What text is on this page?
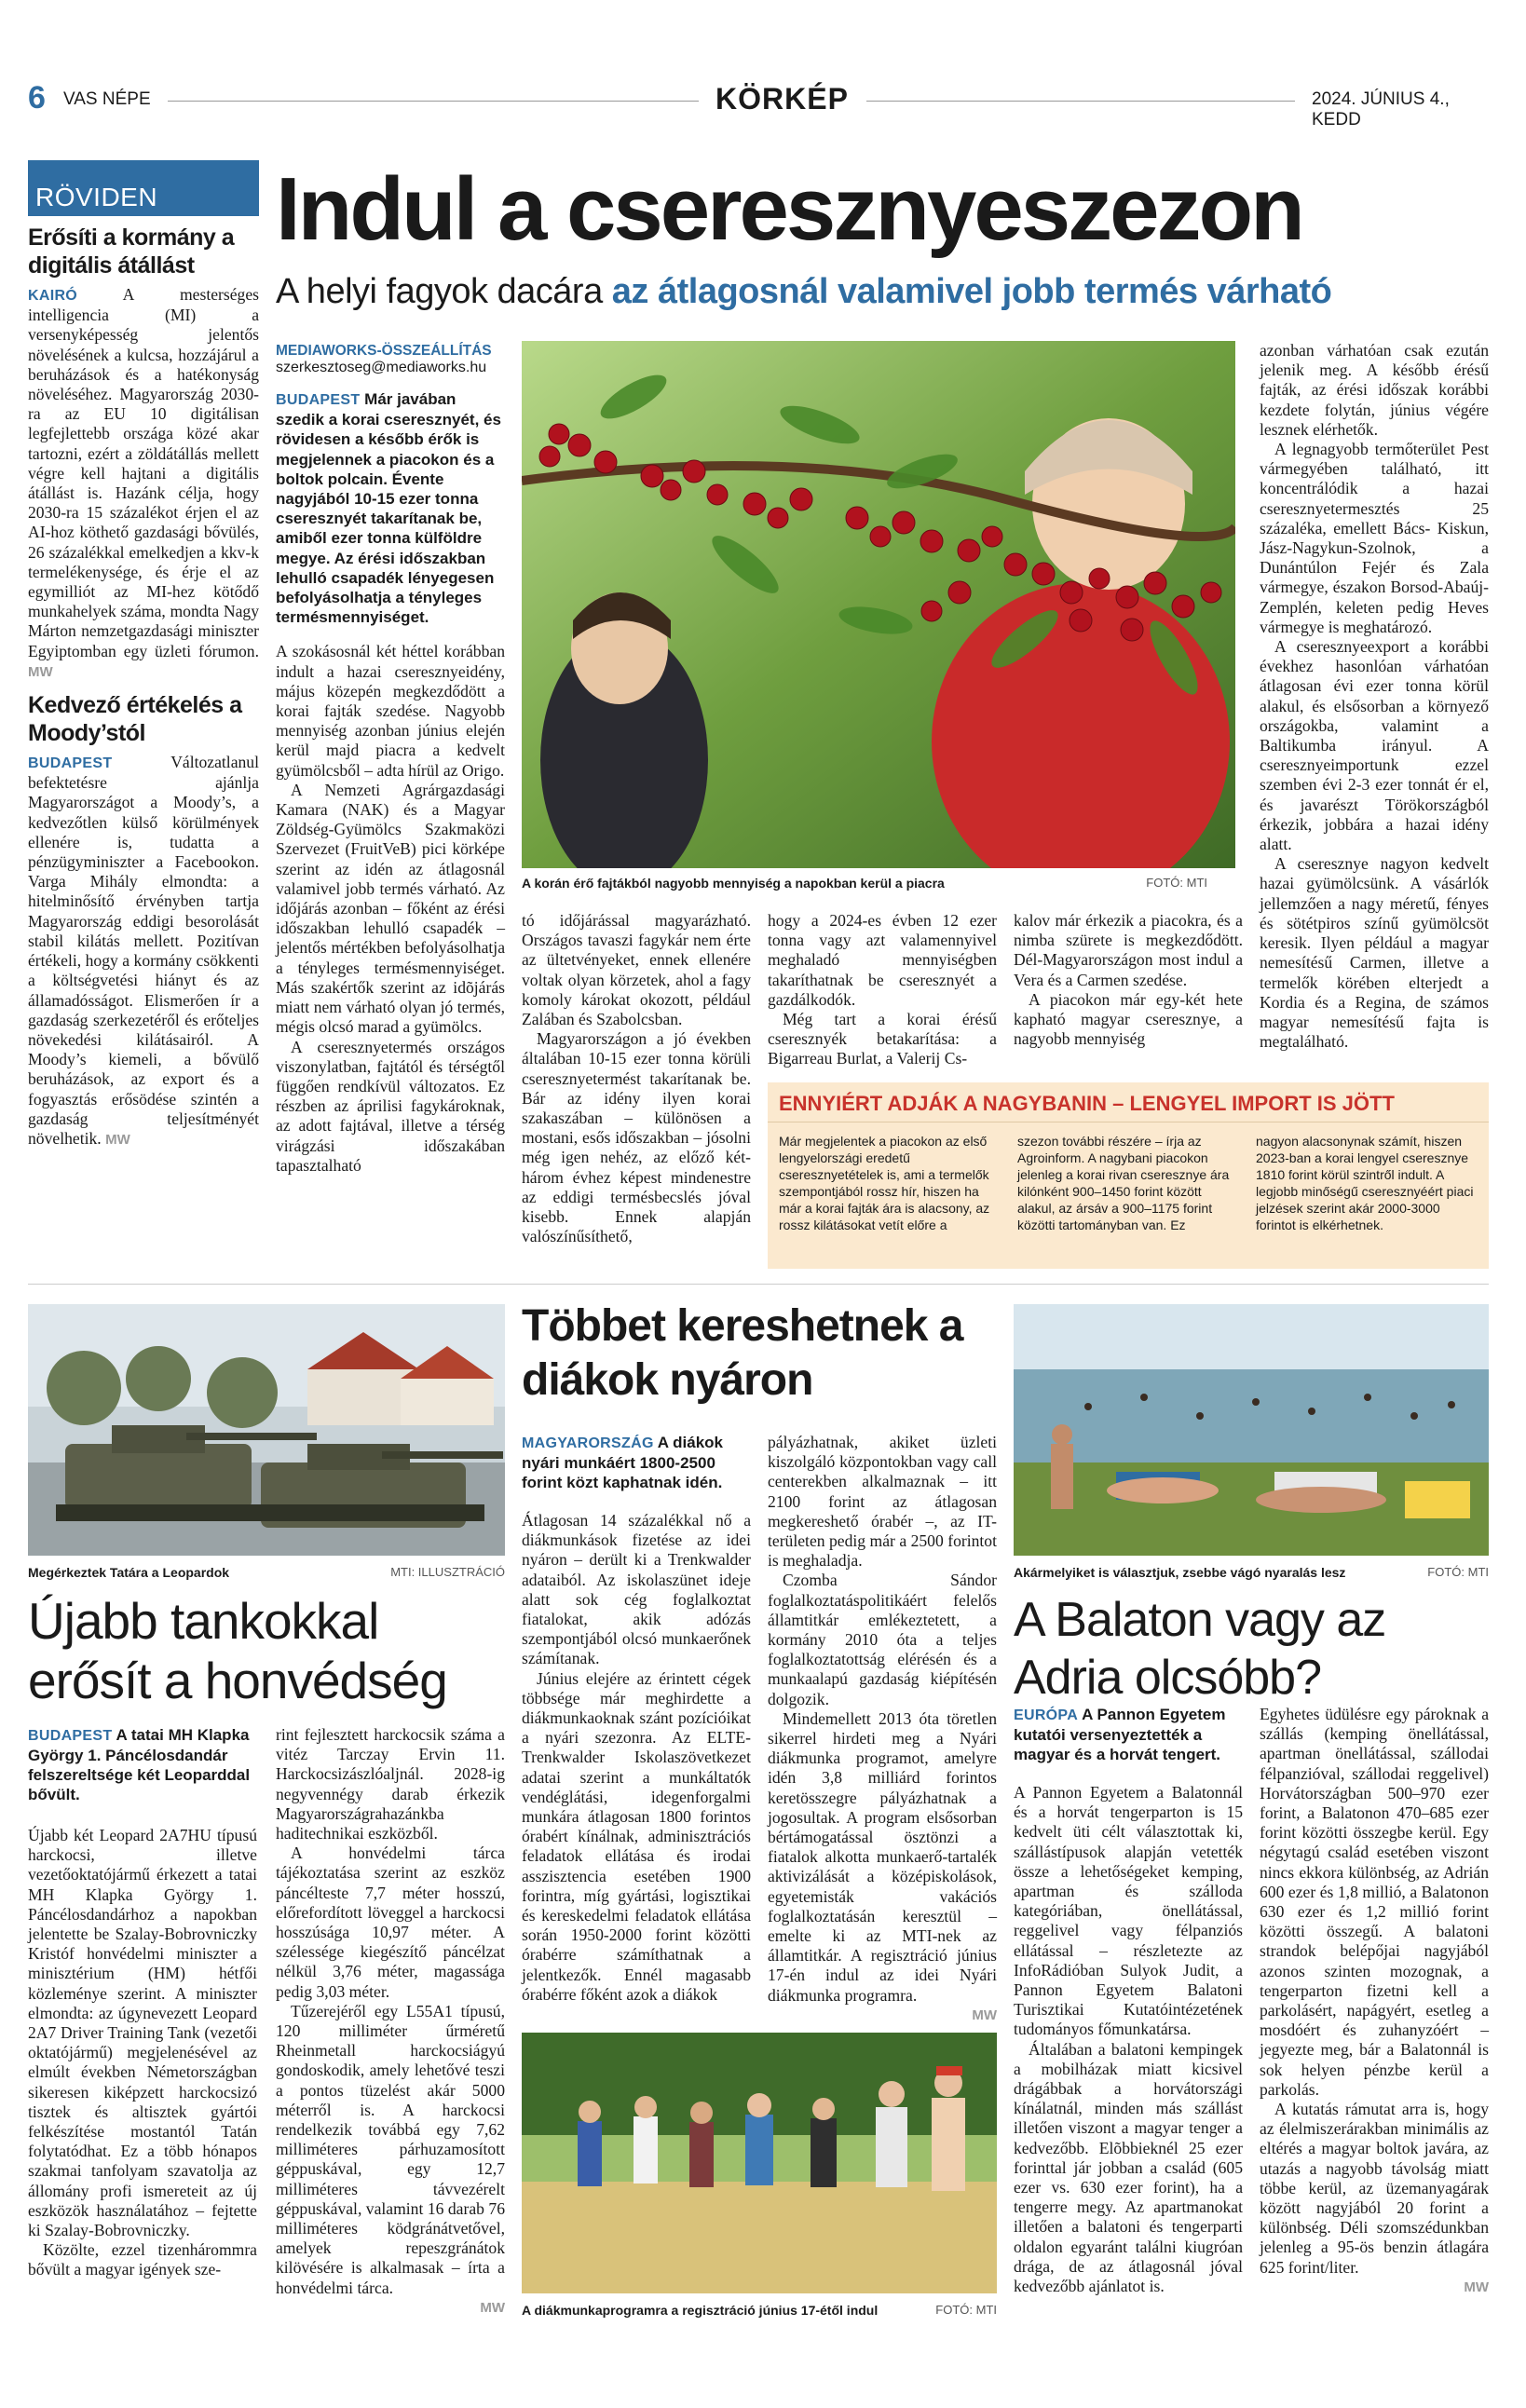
6 VAS NÉPE	KÖRKÉP	2024. JÚNIUS 4., KEDD
RÖVIDEN
Erősíti a kormány a digitális átállást
KAIRÓ	A mesterséges intelligencia (MI) a versenyképesség jelentős növelésének a kulcsa, hozzájárul a beruházások és a hatékonyság növeléséhez. Magyarország 2030-ra az EU 10 digitálisan legfejlettebb országa közé akar tartozni, ezért a zöldátállás mellett végre kell hajtani a digitális átállást is. Hazánk célja, hogy 2030-ra 15 százalékot érjen el az AI-hoz köthető gazdasági bővülés, 26 százalékkal emelkedjen a kkv-k termelékenysége, és érje el az egymilliót az MI-hez kötődő munkahelyek száma, mondta Nagy Márton nemzetgazdasági miniszter Egyiptomban egy üzleti fórumon. MW
Kedvező értékelés a Moody’stól
BUDAPEST	Változatlanul befektetésre ajánlja Magyarországot a Moody’s, a kedvezőtlen külső körülmények ellenére is, tudatta a pénzügyminiszter a Facebookon. Varga Mihály elmondta: a hitelminősítő érvényben tartja Magyarország eddigi besorolását stabil kilátás mellett. Pozitívan értékeli, hogy a kormány csökkenti a költségvetési hiányt és az államadósságot. Elismerően ír a gazdaság szerkezetéről és erőteljes növekedési kilátásairól. A Moody’s kiemeli, a bővülő beruházások, az export és a fogyasztás erősödése szintén a gazdaság teljesítményét növelhetik. MW
Indul a cseresznyeszezon
A helyi fagyok dacára az átlagosnál valamivel jobb termés várható
MEDIAWORKS-ÖSSZEÁLLÍTÁS
szerkesztoseg@mediaworks.hu
BUDAPEST Már javában szedik a korai cseresznyét, és rövidesen a később érők is megjelennek a piacokon és a boltok polcain. Évente nagyjából 10-15 ezer tonna cseresznyét takarítanak be, amiből ezer tonna külföldre megye. Az érési időszakban lehulló csapadék lényegesen befolyásolhatja a tényleges termésmennyiséget.

A szokásosnál két héttel korábban indult a hazai cseresznyeidény, május közepén megkezdődött a korai fajták szedése. Nagyobb mennyiség azonban június elején kerül majd piacra a kedvelt gyümölcsből – adta hírül az Origo.

A Nemzeti Agrárgazdasági Kamara (NAK) és a Magyar Zöldség-Gyümölcs Szakmaközi Szervezet (FruitVeB) pici körképe szerint az idén az átlagosnál valamivel jobb termés várható. Az időjárás azonban – főként az érési időszakban lehulló csapadék – jelentős mértékben befolyásolhatja a tényleges termésmennyiséget. Más szakértők szerint az idõjárás miatt nem várható olyan jó termés, mégis olcsó marad a gyümölcs.

A cseresznyetermés országos viszonylatban, fajtától és térségtől függően rendkívül változatos. Ez részben az áprilisi fagykároknak, az adott fajtával, illetve a térség virágzási időszakában tapasztalható

A korán érő fajtákból nagyobb mennyiség a napokban kerül a piacra	FOTÓ: MTI

tó időjárással magyarázható. Országos tavaszi fagykár nem érte az ültetvényeket, ennek ellenére voltak olyan körzetek, ahol a fagy komoly károkat okozott, például Zalában és Szabolcsban.

Magyarországon a jó években általában 10-15 ezer tonna körüli cseresznyetermést takarítanak be. Bár az idény ilyen korai szakaszában – különösen a mostani, esős időszakban – jósolni még igen nehéz, az előző két-három évhez képest mindenestre az eddigi termésbecslés jóval kisebb. Ennek alapján valószínűsíthető,

hogy a 2024-es évben 12 ezer tonna vagy azt valamennyivel meghaladó mennyiségben takaríthatnak be cseresznyét a gazdálkodók.

Még tart a korai érésű cseresznyék betakarítása: a Bigarreau Burlat, a Valerij Cs-

kalov már érkezik a piacokra, és a nimba szürete is megkezdődött. Dél-Magyarországon most indul a Vera és a Carmen szedése.

A piacokon már egy-két hete kapható magyar cseresznye, a nagyobb mennyiség

azonban várhatóan csak ezután jelenik meg. A később érésű fajták, az érési időszak korábbi kezdete folytán, június végére lesznek elérhetők.

A legnagyobb termőterület Pest vármegyében található, itt koncentrálódik a hazai cseresznyetermesztés 25 százaléka, emellett Bács- Kiskun, Jász-Nagykun-Szolnok, a Dunántúlon Fejér és Zala vármegye, északon Borsod-Abaúj-Zemplén, keleten pedig Heves vármegye is meghatározó.

A cseresznyeexport a korábbi évekhez hasonlóan várhatóan átlagosan évi ezer tonna körül alakul, és elsősorban a környező országokba, valamint a Baltikumba irányul. A cseresznyeimportunk ezzel szemben évi 2-3 ezer tonnát ér el, és javarészt Törökországból érkezik, jobbára a hazai idény alatt.

A cseresznye nagyon kedvelt hazai gyümölcsünk. A vásárlók jellemzően a nagy méretű, fényes és sötétpiros színű gyümölcsöt keresik. Ilyen például a magyar nemesítésű Carmen, illetve a termelők körében elterjedt a Kordia és a Regina, de számos magyar nemesítésű fajta is megtalálható.

ENNYIÉRT ADJÁK A NAGYBANIN – LENGYEL IMPORT IS JÖTT
Már megjelentek a piacokon az első lengyelországi eredetű cseresznyetételek is, ami a termelők szempontjából rossz hír, hiszen ha már a korai fajták ára is alacsony, az rossz kilátásokat vetít előre a
szezon további részére – írja az Agroinform. A nagybani piacokon jelenleg a korai rivan cseresznye ára kilónként 900–1450 forint között alakul, az ársáv a 900–1175 forint közötti tartományban van. Ez
nagyon alacsonynak számít, hiszen 2023-ban a korai lengyel cseresznye 1810 forint körül szintről indult. A legjobb minőségű cseresznyéért piaci jelzések szerint akár 2000-3000 forintot is elkérhetnek.
Megérkeztek Tatára a Leopardok	MTI: ILLUSZTRÁCIÓ
Újabb tankokkal erősít a honvédség
BUDAPEST A tatai MH Klapka György 1. Páncélosdandár felszereltsége két Leoparddal bővült.

Újabb két Leopard 2A7HU típusú harckocsi, illetve vezetőoktatójármű érkezett a tatai MH Klapka György 1. Páncélosdandárhoz a napokban jelentette be Szalay-Bobrovniczky Kristóf honvédelmi miniszter a minisztérium (HM) hétfői közleménye szerint. A miniszter elmondta: az úgynevezett Leopard 2A7 Driver Training Tank (vezetői oktatójármű) megjelenésével az elmúlt években Németországban sikeresen kiképzett harckocsizó tisztek és altisztek gyártói felkészítése mostantól Tatán folytatódhat. Ez a több hónapos szakmai tanfolyam szavatolja az állomány profi ismereteit az új eszközök használatához – fejtette ki Szalay-Bobrovniczky.

Közölte, ezzel tizenhárommra bővült a magyar igények sze-

rint fejlesztett harckocsik száma a vitéz Tarczay Ervin 11. Harckocsizászlóaljnál. 2028-ig negyvennégy darab érkezik Magyarországrahazánkba haditechnikai eszközből.

A honvédelmi tárca tájékoztatása szerint az eszköz páncélteste 7,7 méter hosszú, előrefordított löveggel a harckocsi hosszúsága 10,97 méter. A szélessége kiegészítő páncélzat nélkül 3,76 méter, magassága pedig 3,03 méter.

Tűzerejéről egy L55A1 típusú, 120 milliméter űrméretű Rheinmetall harckocsiágyú gondoskodik, amely lehetővé teszi a pontos tüzelést akár 5000 méterről is. A harckocsi rendelkezik továbbá egy 7,62 milliméteres párhuzamosított géppuskával, egy 12,7 milliméteres távvezérelt géppuskával, valamint 16 darab 76 milliméteres ködgránátvetővel, amelyek repeszgránátok kilövésére is alkalmasak – írta a honvédelmi tárca.

MW
Többet kereshetnek a diákok nyáron
MAGYARORSZÁG A diákok nyári munkáért 1800-2500 forint közt kaphatnak idén.

Átlagosan 14 százalékkal nő a diákmunkások fizetése az idei nyáron – derült ki a Trenkwalder adataiból. Az iskolaszünet ideje alatt sok cég foglalkoztat fiatalokat, akik adózás szempontjából olcsó munkaerőnek számítanak.

Június elejére az érintett cégek többsége már meghirdette a diákmunkaoknak szánt pozícióikat a nyári szezonra. Az ELTE-Trenkwalder Iskolaszövetkezet adatai szerint a munkáltatók vendéglátási, idegenforgalmi munkára átlagosan 1800 forintos órabért kínálnak, adminisztrációs feladatok ellátása és irodai asszisztencia esetében 1900 forintra, míg gyártási, logisztikai és kereskedelmi feladatok ellátása során 1950-2000 forint közötti órabérre számíthatnak a jelentkezők. Ennél magasabb órabérre főként azok a diákok

pályázhatnak, akiket üzleti kiszolgáló központokban vagy call centerekben alkalmaznak – itt 2100 forint az átlagosan megkereshető órabér –, az IT-területen pedig már a 2500 forintot is meghaladja.

Czomba Sándor foglalkoztatáspolitikáért felelős államtitkár emlékeztetett, a kormány 2010 óta a teljes foglalkoztatottság elérésén és a munkaalapú gazdaság kiépítésén dolgozik.

Mindemellett 2013 óta töretlen sikerrel hirdeti meg a Nyári diákmunka programot, amelyre idén 3,8 milliárd forintos keretösszegre pályázhatnak a jogosultak. A program elsősorban bértámogatással ösztönzi a fiatalok alkotta munkaerő-tartalék aktivizálását a középiskolások, egyetemisták vakációs foglalkoztatásán keresztül – emelte ki az MTI-nek az államtitkár. A regisztráció június 17-én indul az idei Nyári diákmunka programra.

MW
A diákmunkaprogramra a regisztráció június 17-étől indul	FOTÓ: MTI
Akármelyiket is választjuk, zsebbe vágó nyaralás lesz	FOTÓ: MTI
A Balaton vagy az Adria olcsóbb?
EURÓPA A Pannon Egyetem kutatói versenyeztették a magyar és a horvát tengert.

A Pannon Egyetem a Balatonnál és a horvát tengerparton is 15 kedvelt üti célt választottak ki, szállástípusok alapján vetették össze a lehetőségeket kemping, apartman és szállodа kategóriában, önellátással, reggelivel vagy félpanziós ellátással – részletezte az InfoRádióban Sulyok Judit, a Pannon Egyetem Balatoni Turisztikai Kutatóintézetének tudományos főmunkatársa.

Általában a balatoni kempingek a mobilházak miatt kicsivel drágábbak a horvátországi kínálatnál, minden más szállást illetően viszont a magyar tenger a kedvezőbb. Elõbbieknél 25 ezer forinttal jár jobban a család (605 ezer vs. 630 ezer forint), ha a tengerre megy. Az apartmanokat illetően a balatoni és tengerparti oldalon egyaránt találni kiugróan drága, de az átlagosnál jóval kedvezőbb ajánlatot is.

Egyhetes üdülésre egy pároknak a szállás (kemping önellátással, apartman önellátással, szállodai félpanzióval, szállodai reggelivel) Horvátországban 500–970 ezer forint, a Balatonon 470–685 ezer forint közötti összegbe kerül. Egy négytagú család esetében viszont nincs ekkora különbség, az Adrián 600 ezer és 1,8 millió, a Balatonon 630 ezer és 1,2 millió forint közötti összegű. A balatoni strandok belépőjai nagyjából azonos szinten mozognak, a tengerparton fizetni kell a parkolásért, napágyért, esetleg a mosdóért és zuhanyzóért – jegyezte meg, bár a Balatonnál is sok helyen pénzbe kerül a parkolás.

A kutatás rámutat arra is, hogy az élelmiszerárakban minimális az eltérés a magyar boltok javára, az utazás a nagyobb távolság miatt többe kerül, az üzemanyagárak között nagyjából 20 forint a különbség. Déli szomszédunkban jelenleg a 95-ös benzin átlagára 625 forint/liter.

MW
